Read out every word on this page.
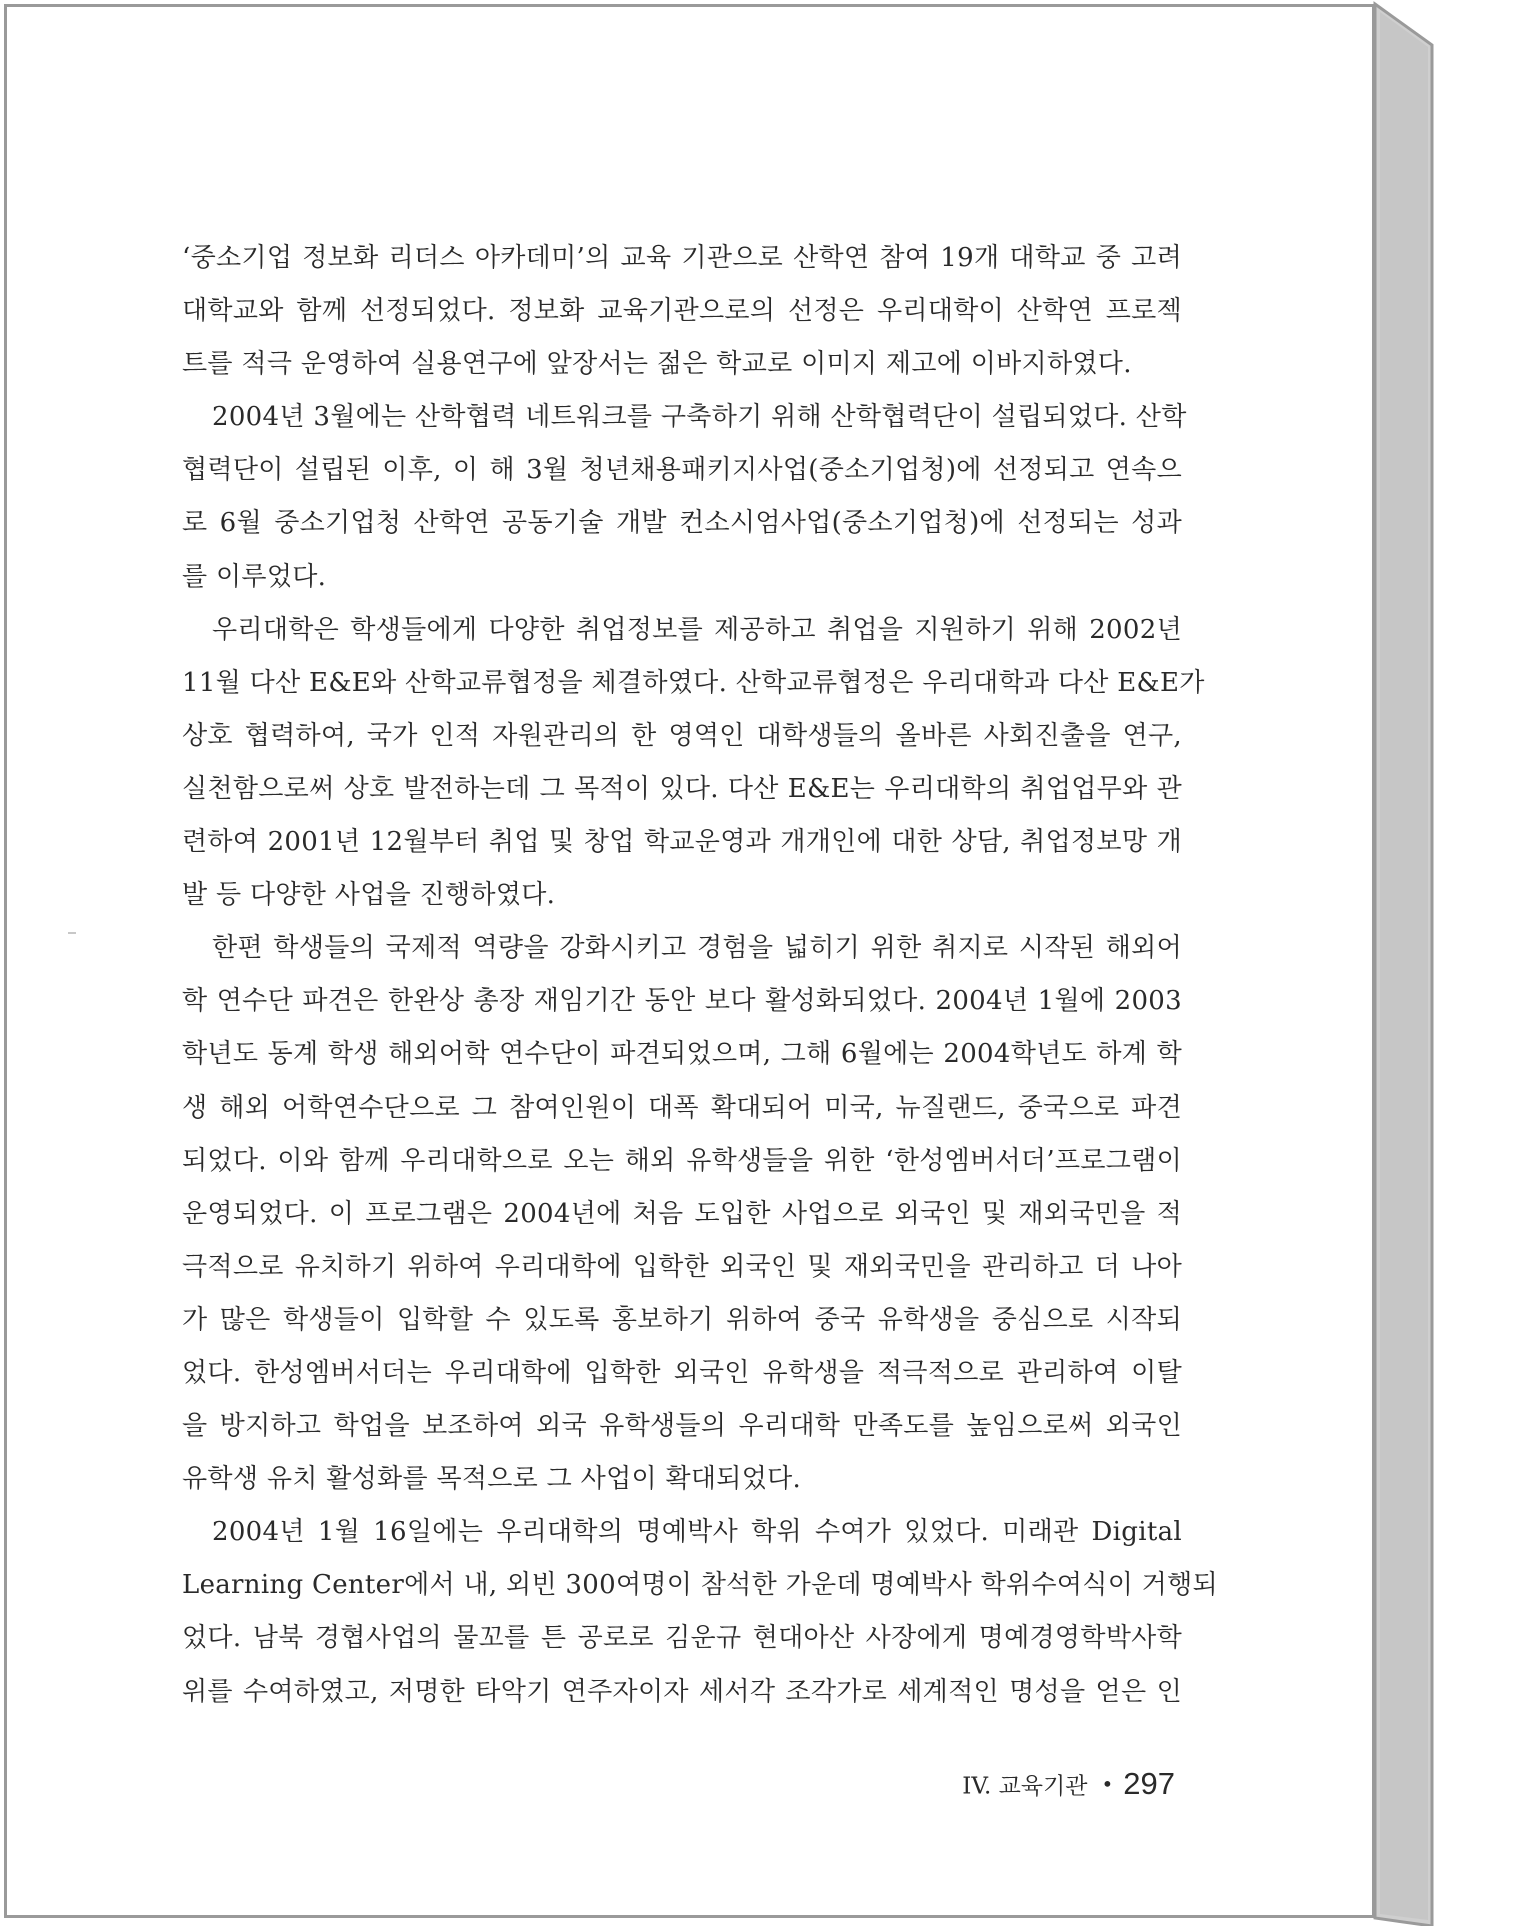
‘중소기업 정보화 리더스 아카데미’의 교육 기관으로 산학연 참여 19개 대학교 중 고려
대학교와 함께 선정되었다. 정보화 교육기관으로의 선정은 우리대학이 산학연 프로젝
트를 적극 운영하여 실용연구에 앞장서는 젊은 학교로 이미지 제고에 이바지하였다.
2004년 3월에는 산학협력 네트워크를 구축하기 위해 산학협력단이 설립되었다. 산학
협력단이 설립된 이후, 이 해 3월 청년채용패키지사업(중소기업청)에 선정되고 연속으
로 6월 중소기업청 산학연 공동기술 개발 컨소시엄사업(중소기업청)에 선정되는 성과
를 이루었다.
우리대학은 학생들에게 다양한 취업정보를 제공하고 취업을 지원하기 위해 2002년
11월 다산 E&E와 산학교류협정을 체결하였다. 산학교류협정은 우리대학과 다산 E&E가
상호 협력하여, 국가 인적 자원관리의 한 영역인 대학생들의 올바른 사회진출을 연구,
실천함으로써 상호 발전하는데 그 목적이 있다. 다산 E&E는 우리대학의 취업업무와 관
련하여 2001년 12월부터 취업 및 창업 학교운영과 개개인에 대한 상담, 취업정보망 개
발 등 다양한 사업을 진행하였다.
한편 학생들의 국제적 역량을 강화시키고 경험을 넓히기 위한 취지로 시작된 해외어
학 연수단 파견은 한완상 총장 재임기간 동안 보다 활성화되었다. 2004년 1월에 2003
학년도 동계 학생 해외어학 연수단이 파견되었으며, 그해 6월에는 2004학년도 하계 학
생 해외 어학연수단으로 그 참여인원이 대폭 확대되어 미국, 뉴질랜드, 중국으로 파견
되었다. 이와 함께 우리대학으로 오는 해외 유학생들을 위한 ‘한성엠버서더’프로그램이
운영되었다. 이 프로그램은 2004년에 처음 도입한 사업으로 외국인 및 재외국민을 적
극적으로 유치하기 위하여 우리대학에 입학한 외국인 및 재외국민을 관리하고 더 나아
가 많은 학생들이 입학할 수 있도록 홍보하기 위하여 중국 유학생을 중심으로 시작되
었다. 한성엠버서더는 우리대학에 입학한 외국인 유학생을 적극적으로 관리하여 이탈
을 방지하고 학업을 보조하여 외국 유학생들의 우리대학 만족도를 높임으로써 외국인
유학생 유치 활성화를 목적으로 그 사업이 확대되었다.
2004년 1월 16일에는 우리대학의 명예박사 학위 수여가 있었다. 미래관 Digital
Learning Center에서 내, 외빈 300여명이 참석한 가운데 명예박사 학위수여식이 거행되
었다. 남북 경협사업의 물꼬를 튼 공로로 김운규 현대아산 사장에게 명예경영학박사학
위를 수여하였고, 저명한 타악기 연주자이자 세서각 조각가로 세계적인 명성을 얻은 인
IV. 교육기관 • 297
